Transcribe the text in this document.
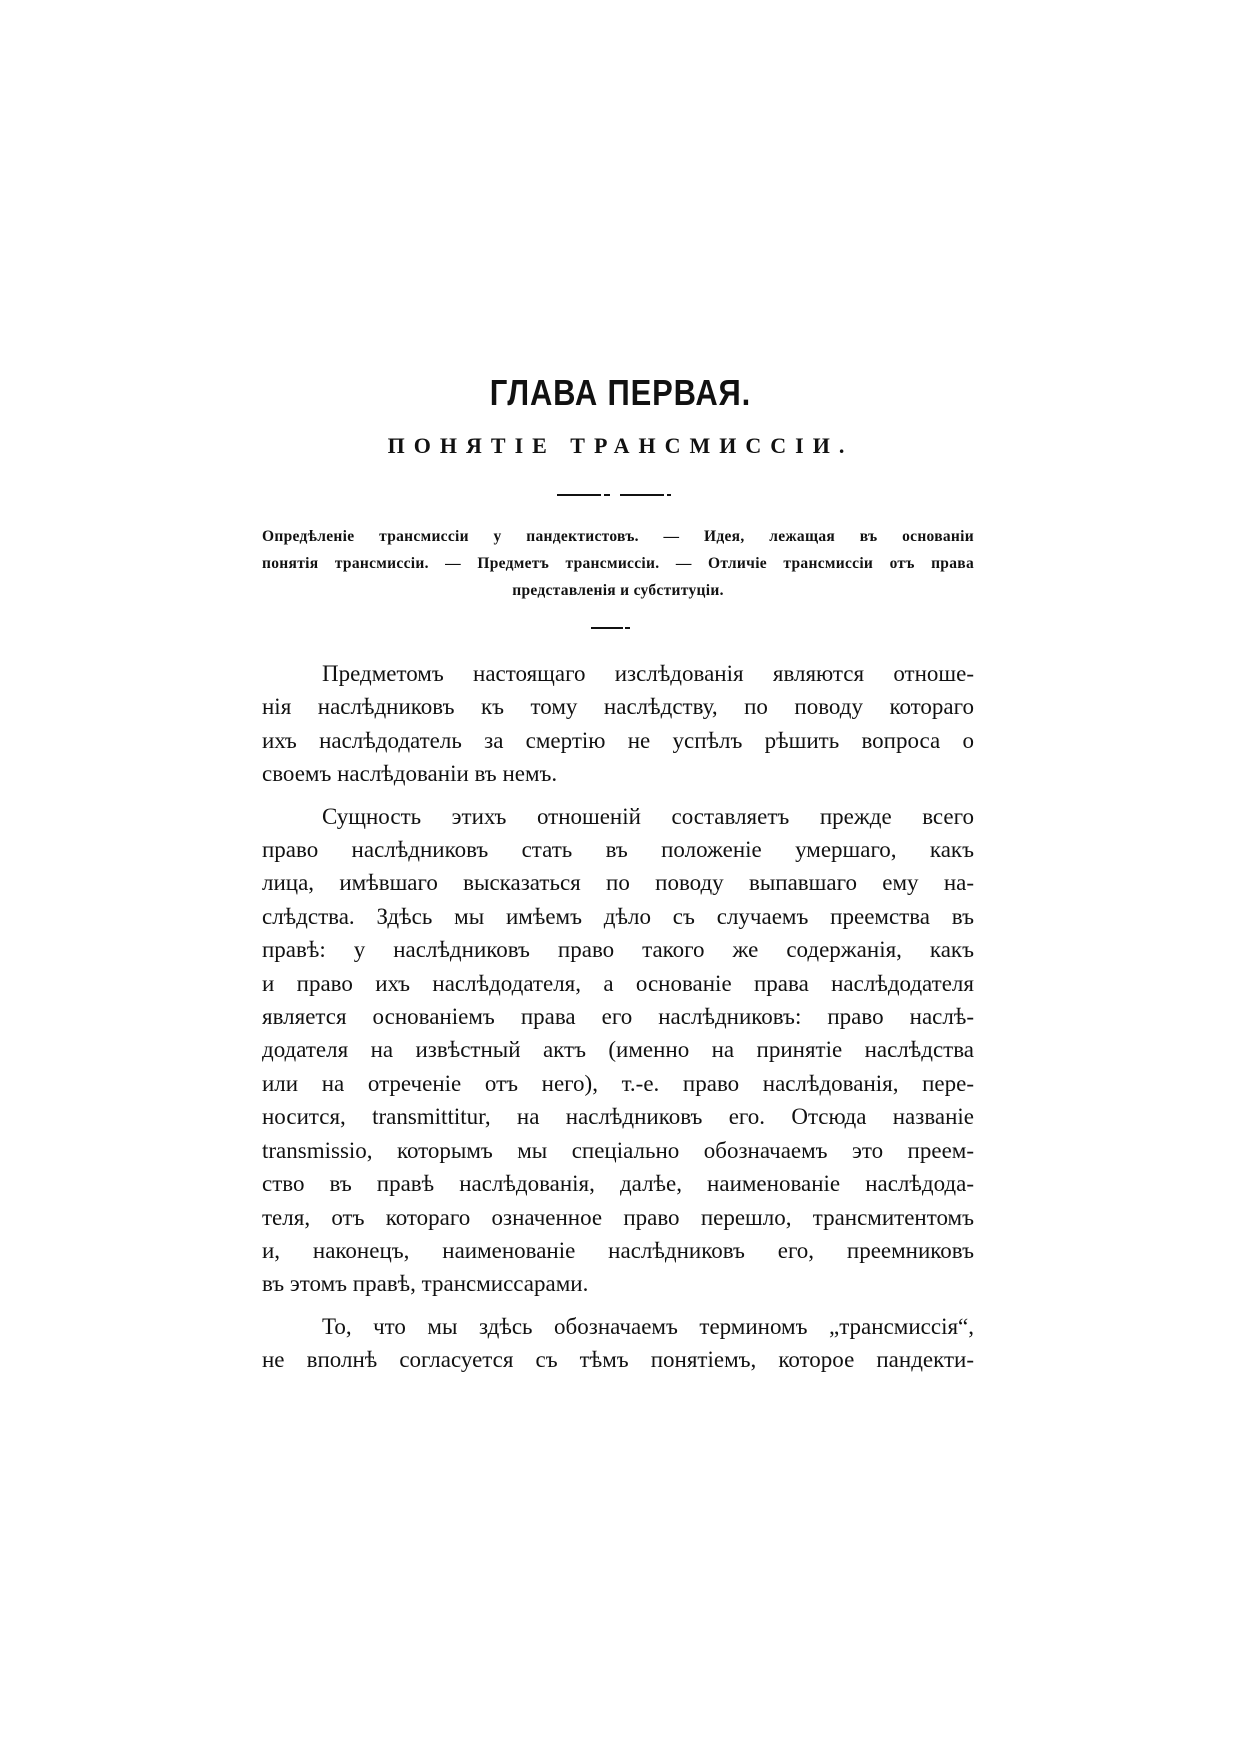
ГЛАВА ПЕРВАЯ.
ПОНЯТІЕ ТРАНСМИССІИ.
Опредѣленіе трансмиссіи у пандектистовъ. — Идея, лежащая въ основаніи
понятія трансмиссіи. — Предметъ трансмиссіи. — Отличіе трансмиссіи отъ права
представленія и субституціи.
Предметомъ настоящаго изслѣдованія являются отноше-
нія наслѣдниковъ къ тому наслѣдству, по поводу котораго
ихъ наслѣдодатель за смертію не успѣлъ рѣшить вопроса о
своемъ наслѣдованіи въ немъ.
Сущность этихъ отношеній составляетъ прежде всего
право наслѣдниковъ стать въ положеніе умершаго, какъ
лица, имѣвшаго высказаться по поводу выпавшаго ему на-
слѣдства. Здѣсь мы имѣемъ дѣло съ случаемъ преемства въ
правѣ: у наслѣдниковъ право такого же содержанія, какъ
и право ихъ наслѣдодателя, а основаніе права наслѣдодателя
является основаніемъ права его наслѣдниковъ: право наслѣ-
додателя на извѣстный актъ (именно на принятіе наслѣдства
или на отреченіе отъ него), т.-е. право наслѣдованія, пере-
носится, transmittitur, на наслѣдниковъ его. Отсюда названіе
transmissio, которымъ мы спеціально обозначаемъ это преем-
ство въ правѣ наслѣдованія, далѣе, наименованіе наслѣдода-
теля, отъ котораго означенное право перешло, трансмитентомъ
и, наконецъ, наименованіе наслѣдниковъ его, преемниковъ
въ этомъ правѣ, трансмиссарами.
То, что мы здѣсь обозначаемъ терминомъ „трансмиссія“,
не вполнѣ согласуется съ тѣмъ понятіемъ, которое пандекти-
